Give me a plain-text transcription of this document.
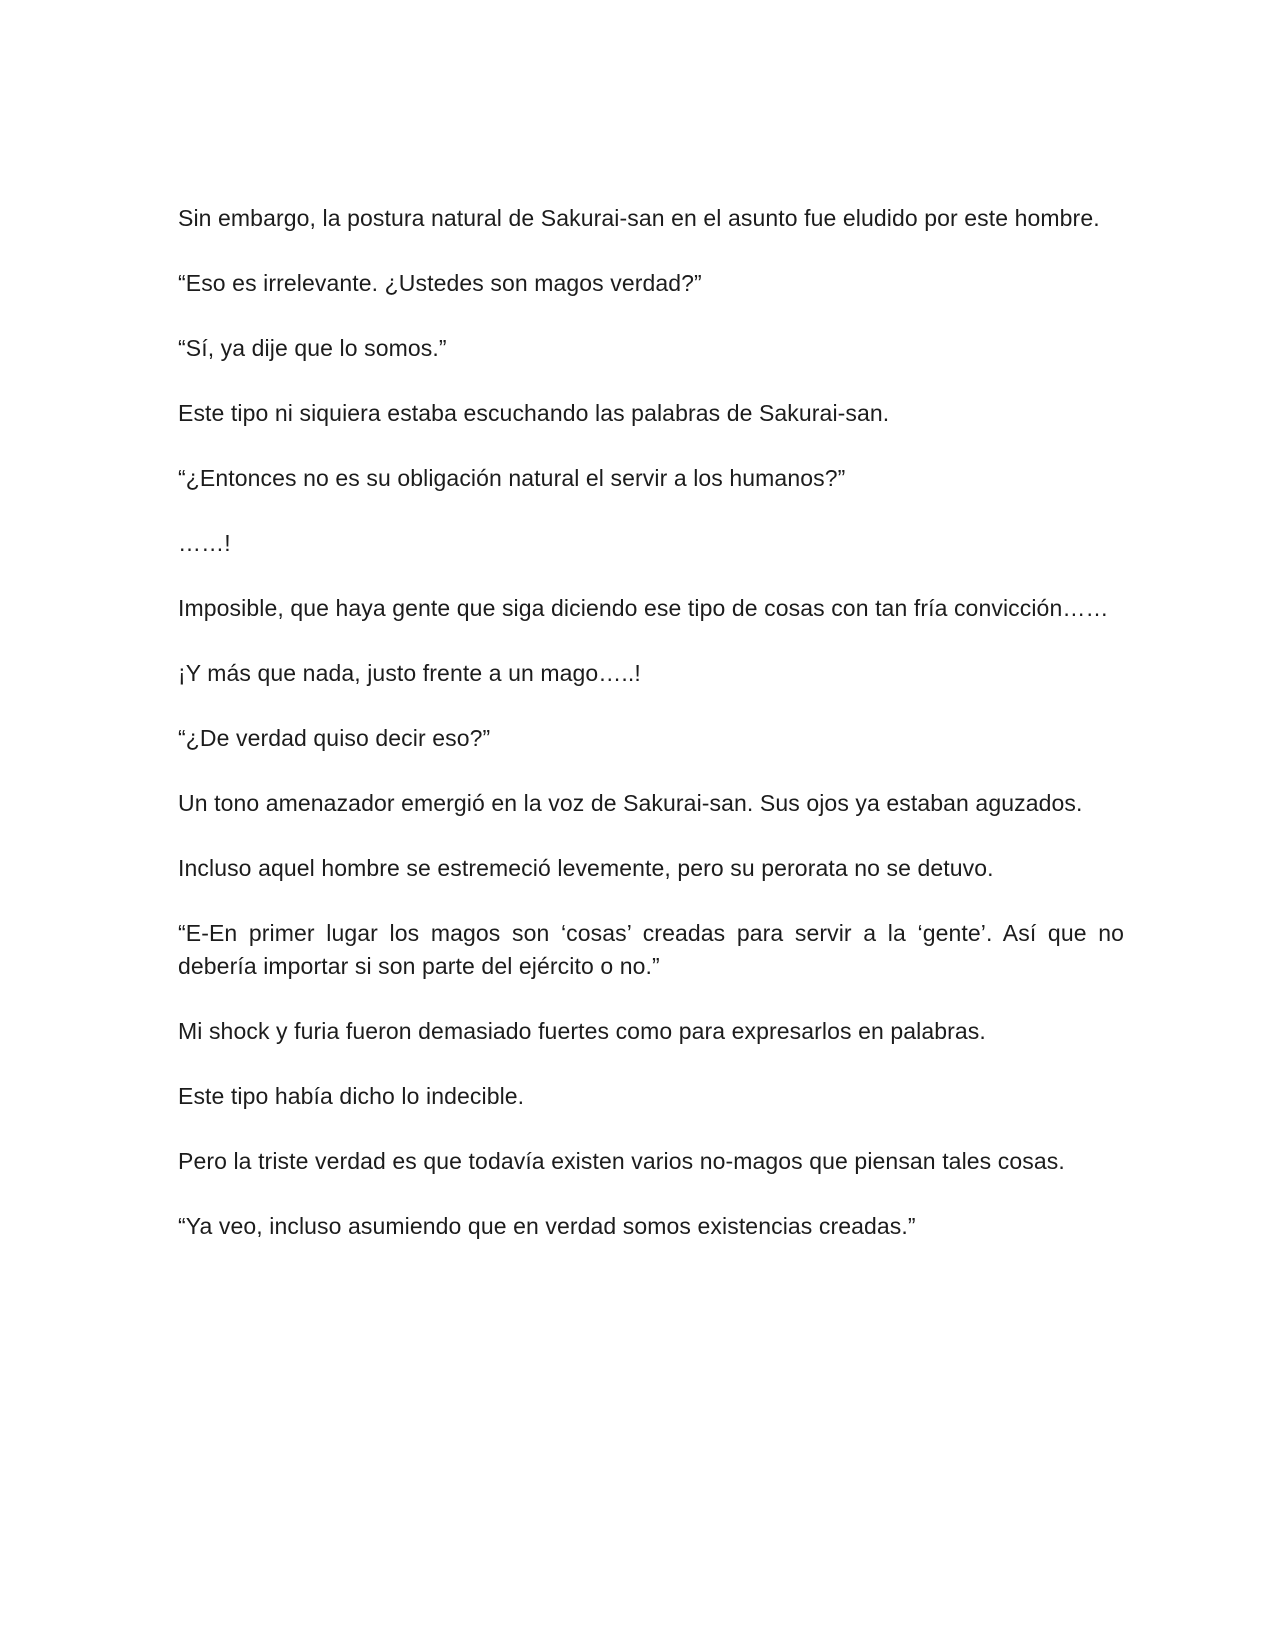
Sin embargo, la postura natural de Sakurai-san en el asunto fue eludido por este hombre.

“Eso es irrelevante. ¿Ustedes son magos verdad?”

“Sí, ya dije que lo somos.”

Este tipo ni siquiera estaba escuchando las palabras de Sakurai-san.

“¿Entonces no es su obligación natural el servir a los humanos?”

……!

Imposible, que haya gente que siga diciendo ese tipo de cosas con tan fría convicción……

¡Y más que nada, justo frente a un mago…..!

“¿De verdad quiso decir eso?”

Un tono amenazador emergió en la voz de Sakurai-san. Sus ojos ya estaban aguzados.

Incluso aquel hombre se estremeció levemente, pero su perorata no se detuvo.

“E-En primer lugar los magos son ‘cosas’ creadas para servir a la ‘gente’. Así que no debería importar si son parte del ejército o no.”

Mi shock y furia fueron demasiado fuertes como para expresarlos en palabras.

Este tipo había dicho lo indecible.

Pero la triste verdad es que todavía existen varios no-magos que piensan tales cosas.

“Ya veo, incluso asumiendo que en verdad somos existencias creadas.”
